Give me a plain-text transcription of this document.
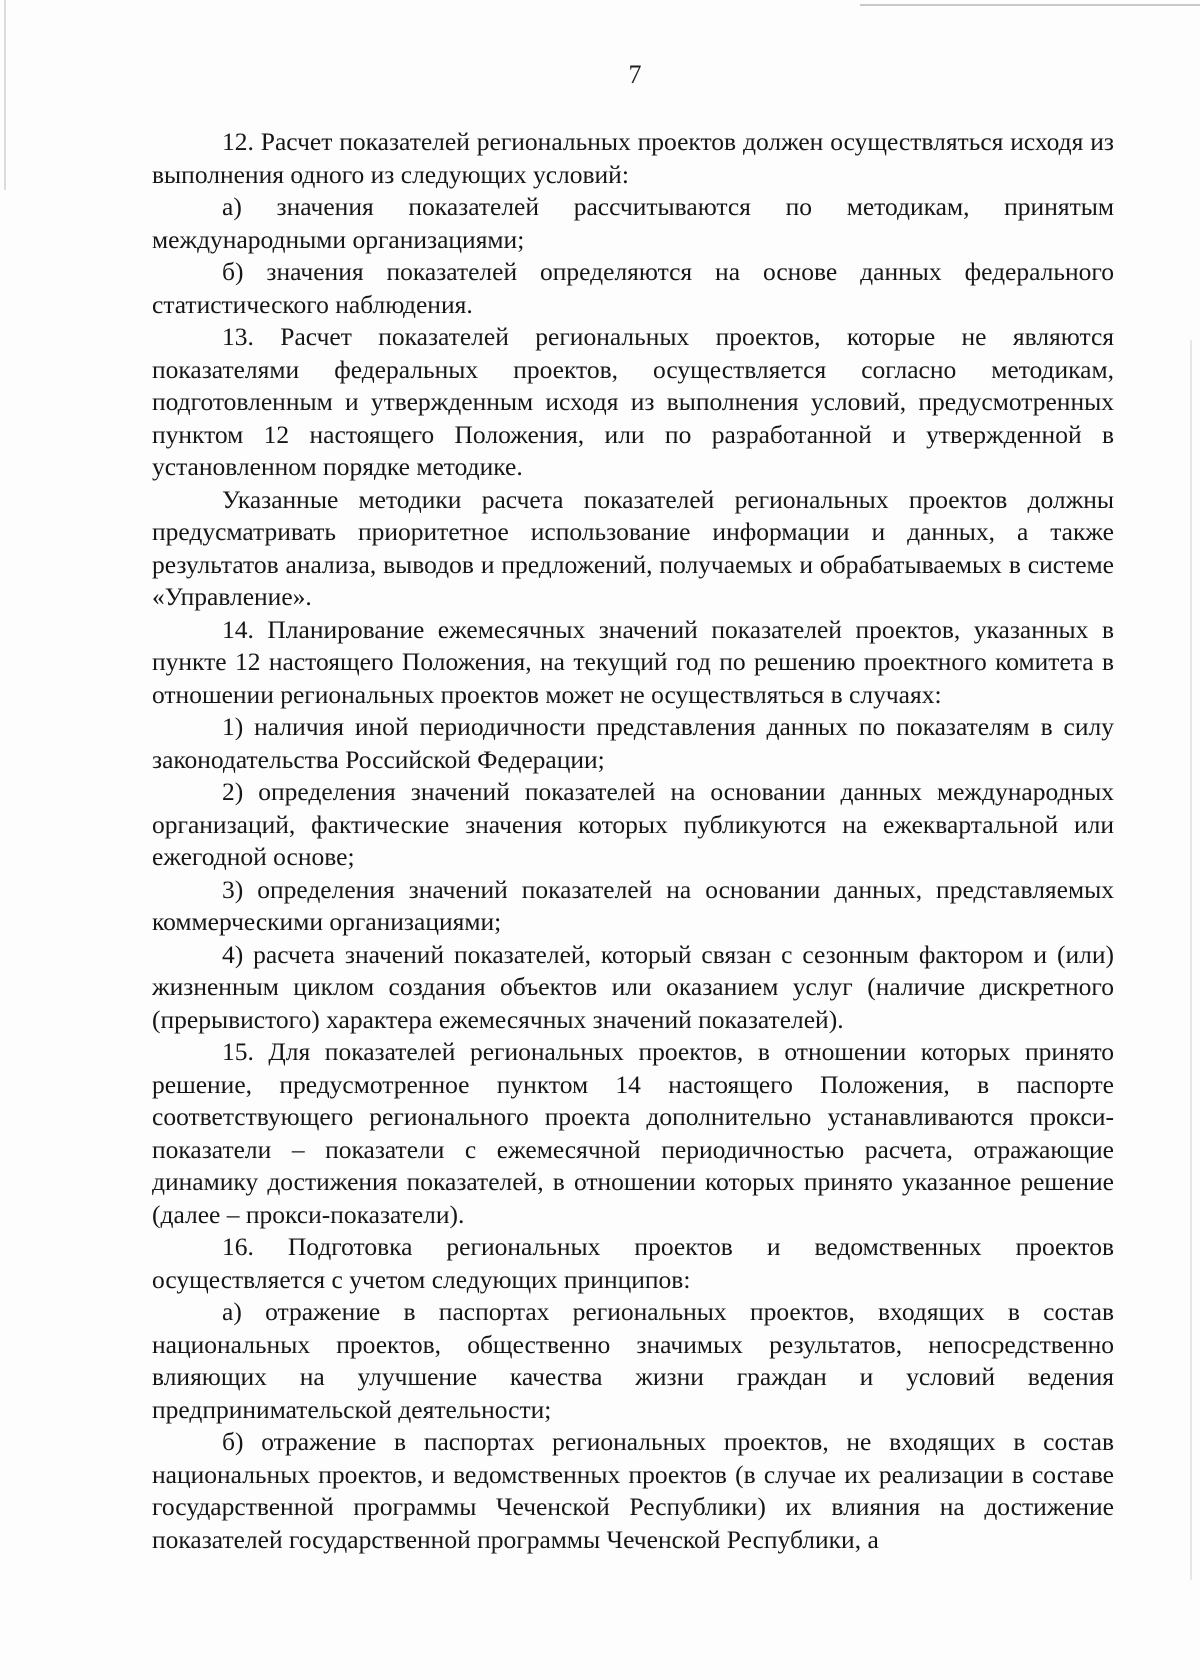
7

12. Расчет показателей региональных проектов должен осуществляться исходя из выполнения одного из следующих условий:

а) значения показателей рассчитываются по методикам, принятым международными организациями;

б) значения показателей определяются на основе данных федерального статистического наблюдения.

13. Расчет показателей региональных проектов, которые не являются показателями федеральных проектов, осуществляется согласно методикам, подготовленным и утвержденным исходя из выполнения условий, предусмотренных пунктом 12 настоящего Положения, или по разработанной и утвержденной в установленном порядке методике.

Указанные методики расчета показателей региональных проектов должны предусматривать приоритетное использование информации и данных, а также результатов анализа, выводов и предложений, получаемых и обрабатываемых в системе «Управление».

14. Планирование ежемесячных значений показателей проектов, указанных в пункте 12 настоящего Положения, на текущий год по решению проектного комитета в отношении региональных проектов может не осуществляться в случаях:

1) наличия иной периодичности представления данных по показателям в силу законодательства Российской Федерации;

2) определения значений показателей на основании данных международных организаций, фактические значения которых публикуются на ежеквартальной или ежегодной основе;

3) определения значений показателей на основании данных, представляемых коммерческими организациями;

4) расчета значений показателей, который связан с сезонным фактором и (или) жизненным циклом создания объектов или оказанием услуг (наличие дискретного (прерывистого) характера ежемесячных значений показателей).

15. Для показателей региональных проектов, в отношении которых принято решение, предусмотренное пунктом 14 настоящего Положения, в паспорте соответствующего регионального проекта дополнительно устанавливаются прокси-показатели – показатели с ежемесячной периодичностью расчета, отражающие динамику достижения показателей, в отношении которых принято указанное решение (далее – прокси-показатели).

16. Подготовка региональных проектов и ведомственных проектов осуществляется с учетом следующих принципов:

а) отражение в паспортах региональных проектов, входящих в состав национальных проектов, общественно значимых результатов, непосредственно влияющих на улучшение качества жизни граждан и условий ведения предпринимательской деятельности;

б) отражение в паспортах региональных проектов, не входящих в состав национальных проектов, и ведомственных проектов (в случае их реализации в составе государственной программы Чеченской Республики) их влияния на достижение показателей государственной программы Чеченской Республики, а
